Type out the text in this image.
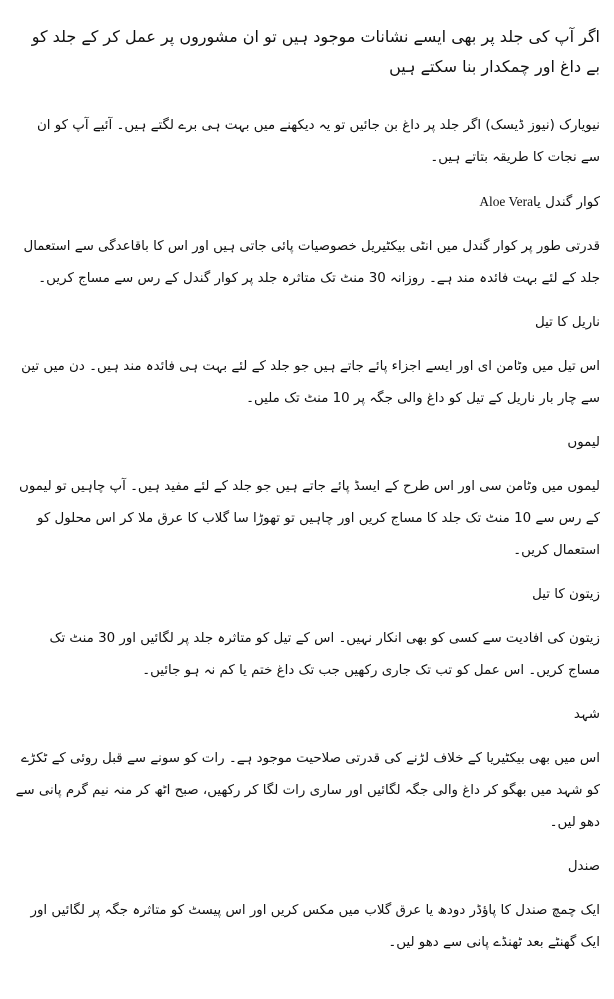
اگر آپ کی جلد پر بھی ایسے نشانات موجود ہیں تو ان مشوروں پر عمل کر کے جلد کو بے داغ اور چمکدار بنا سکتے ہیں

نیویارک (نیوز ڈیسک) اگر جلد پر داغ بن جائیں تو یہ دیکھنے میں بہت ہی برے لگتے ہیں۔ آئیے آپ کو ان سے نجات کا طریقہ بتاتے ہیں۔

کوار گندل یاAloe Vera

قدرتی طور پر کوار گندل میں انٹی بیکٹیریل خصوصیات پائی جاتی ہیں اور اس کا باقاعدگی سے استعمال جلد کے لئے بہت فائدہ مند ہے۔ روزانہ 30 منٹ تک متاثرہ جلد پر کوار گندل کے رس سے مساج کریں۔

ناریل کا تیل

اس تیل میں وٹامن ای اور ایسے اجزاء پائے جاتے ہیں جو جلد کے لئے بہت ہی فائدہ مند ہیں۔ دن میں تین سے چار بار ناریل کے تیل کو داغ والی جگہ پر 10 منٹ تک ملیں۔

لیموں

لیموں میں وٹامن سی اور اس طرح کے ایسڈ پائے جاتے ہیں جو جلد کے لئے مفید ہیں۔ آپ چاہیں تو لیموں کے رس سے 10 منٹ تک جلد کا مساج کریں اور چاہیں تو تھوڑا سا گلاب کا عرق ملا کر اس محلول کو استعمال کریں۔

زیتون کا تیل

زیتون کی افادیت سے کسی کو بھی انکار نہیں۔ اس کے تیل کو متاثرہ جلد پر لگائیں اور 30 منٹ تک مساج کریں۔ اس عمل کو تب تک جاری رکھیں جب تک داغ ختم یا کم نہ ہو جائیں۔

شہد

اس میں بھی بیکٹیریا کے خلاف لڑنے کی قدرتی صلاحیت موجود ہے۔ رات کو سونے سے قبل روئی کے ٹکڑے کو شہد میں بھگو کر داغ والی جگہ لگائیں اور ساری رات لگا کر رکھیں، صبح اٹھ کر منہ نیم گرم پانی سے دھو لیں۔

صندل

ایک چمچ صندل کا پاؤڈر دودھ یا عرق گلاب میں مکس کریں اور اس پیسٹ کو متاثرہ جگہ پر لگائیں اور ایک گھنٹے بعد ٹھنڈے پانی سے دھو لیں۔
